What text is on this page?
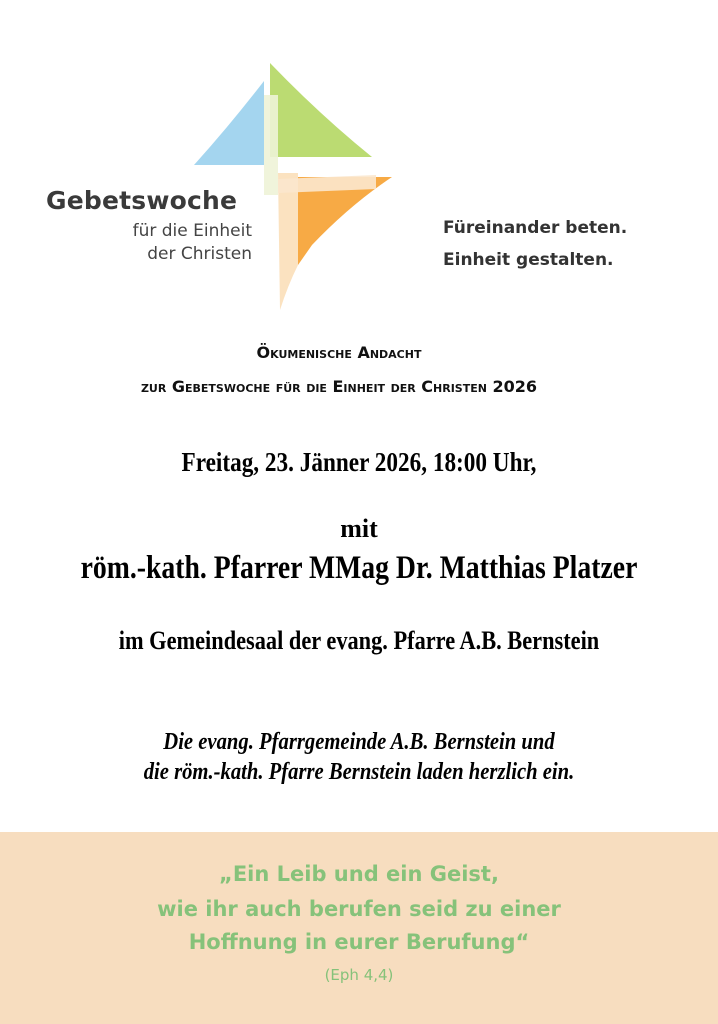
Gebetswoche
für die Einheit
der Christen
Füreinander beten.
Einheit gestalten.
Ökumenische Andacht
zur Gebetswoche für die Einheit der Christen 2026
Freitag, 23. Jänner 2026, 18:00 Uhr,
mit
röm.-kath. Pfarrer MMag Dr. Matthias Platzer
im Gemeindesaal der evang. Pfarre A.B. Bernstein
Die evang. Pfarrgemeinde A.B. Bernstein und
die röm.-kath. Pfarre Bernstein laden herzlich ein.
„Ein Leib und ein Geist,
wie ihr auch berufen seid zu einer
Hoffnung in eurer Berufung“
(Eph 4,4)
